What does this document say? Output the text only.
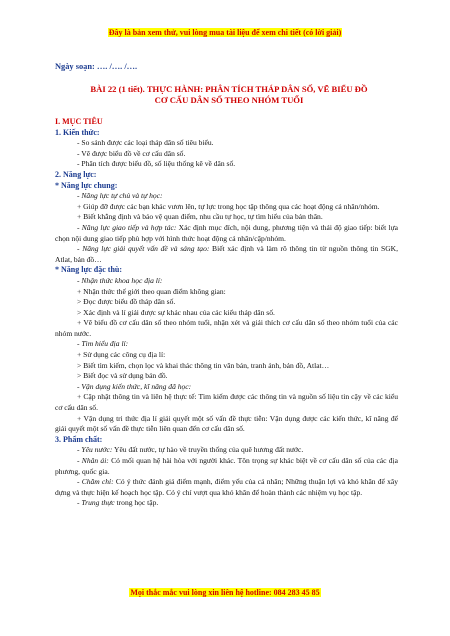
Đây là bản xem thử, vui lòng mua tài liệu để xem chi tiết (có lời giải)
Ngày soạn: …. /…. /….
BÀI 22 (1 tiết). THỰC HÀNH: PHÂN TÍCH THÁP DÂN SỐ, VẼ BIỂU ĐỒ
CƠ CẤU DÂN SỐ THEO NHÓM TUỔI

I. MỤC TIÊU

1. Kiến thức:

- So sánh được các loại tháp dân số tiêu biểu.

- Vẽ được biểu đồ về cơ cấu dân số.

- Phân tích được biểu đồ, số liệu thống kê về dân số.

2. Năng lực:

* Năng lực chung:

- Năng lực tự chủ và tự học:

+ Giúp đỡ được các bạn khác vươn lên, tự lực trong học tập thông qua các hoạt động cá nhân/nhóm.

+ Biết khẳng định và bảo vệ quan điểm, nhu cầu tự học, tự tìm hiểu của bản thân.

- Năng lực giao tiếp và hợp tác: Xác định mục đích, nội dung, phương tiện và thái độ giao tiếp: biết lựa chọn nội dung giao tiếp phù hợp với hình thức hoạt động cá nhân/cặp/nhóm.

- Năng lực giải quyết vấn đề và sáng tạo: Biết xác định và làm rõ thông tin từ nguồn thông tin SGK, Atlat, bản đồ…

* Năng lực đặc thù:

- Nhận thức khoa học địa lí:

+ Nhận thức thế giới theo quan điểm không gian:

> Đọc được biểu đồ tháp dân số.

> Xác định và lí giải được sự khác nhau của các kiểu tháp dân số.

+ Vẽ biểu đồ cơ cấu dân số theo nhóm tuổi, nhận xét và giải thích cơ cấu dân số theo nhóm tuổi của các nhóm nước.

- Tìm hiểu địa lí:

+ Sử dụng các công cụ địa lí:

> Biết tìm kiếm, chọn lọc và khai thác thông tin văn bản, tranh ảnh, bản đồ, Atlat…

> Biết đọc và sử dụng bản đồ.

- Vận dụng kiến thức, kĩ năng đã học:

+ Cập nhật thông tin và liên hệ thực tế: Tìm kiếm được các thông tin và nguồn số liệu tin cậy về các kiểu cơ cấu dân số.

+ Vận dụng tri thức địa lí giải quyết một số vấn đề thực tiễn: Vận dụng được các kiến thức, kĩ năng để giải quyết một số vấn đề thực tiễn liên quan đến cơ cấu dân số.

3. Phẩm chất:

- Yêu nước: Yêu đất nước, tự hào về truyền thống của quê hương đất nước.

- Nhân ái: Có mối quan hệ hài hòa với người khác. Tôn trọng sự khác biệt về cơ cấu dân số của các địa phương, quốc gia.

- Chăm chỉ: Có ý thức đánh giá điểm mạnh, điểm yếu của cá nhân; Những thuận lợi và khó khăn để xây dựng và thực hiện kế hoạch học tập. Có ý chí vượt qua khó khăn để hoàn thành các nhiệm vụ học tập.

- Trung thực trong học tập.

Mọi thắc mắc vui lòng xin liên hệ hotline: 084 283 45 85
